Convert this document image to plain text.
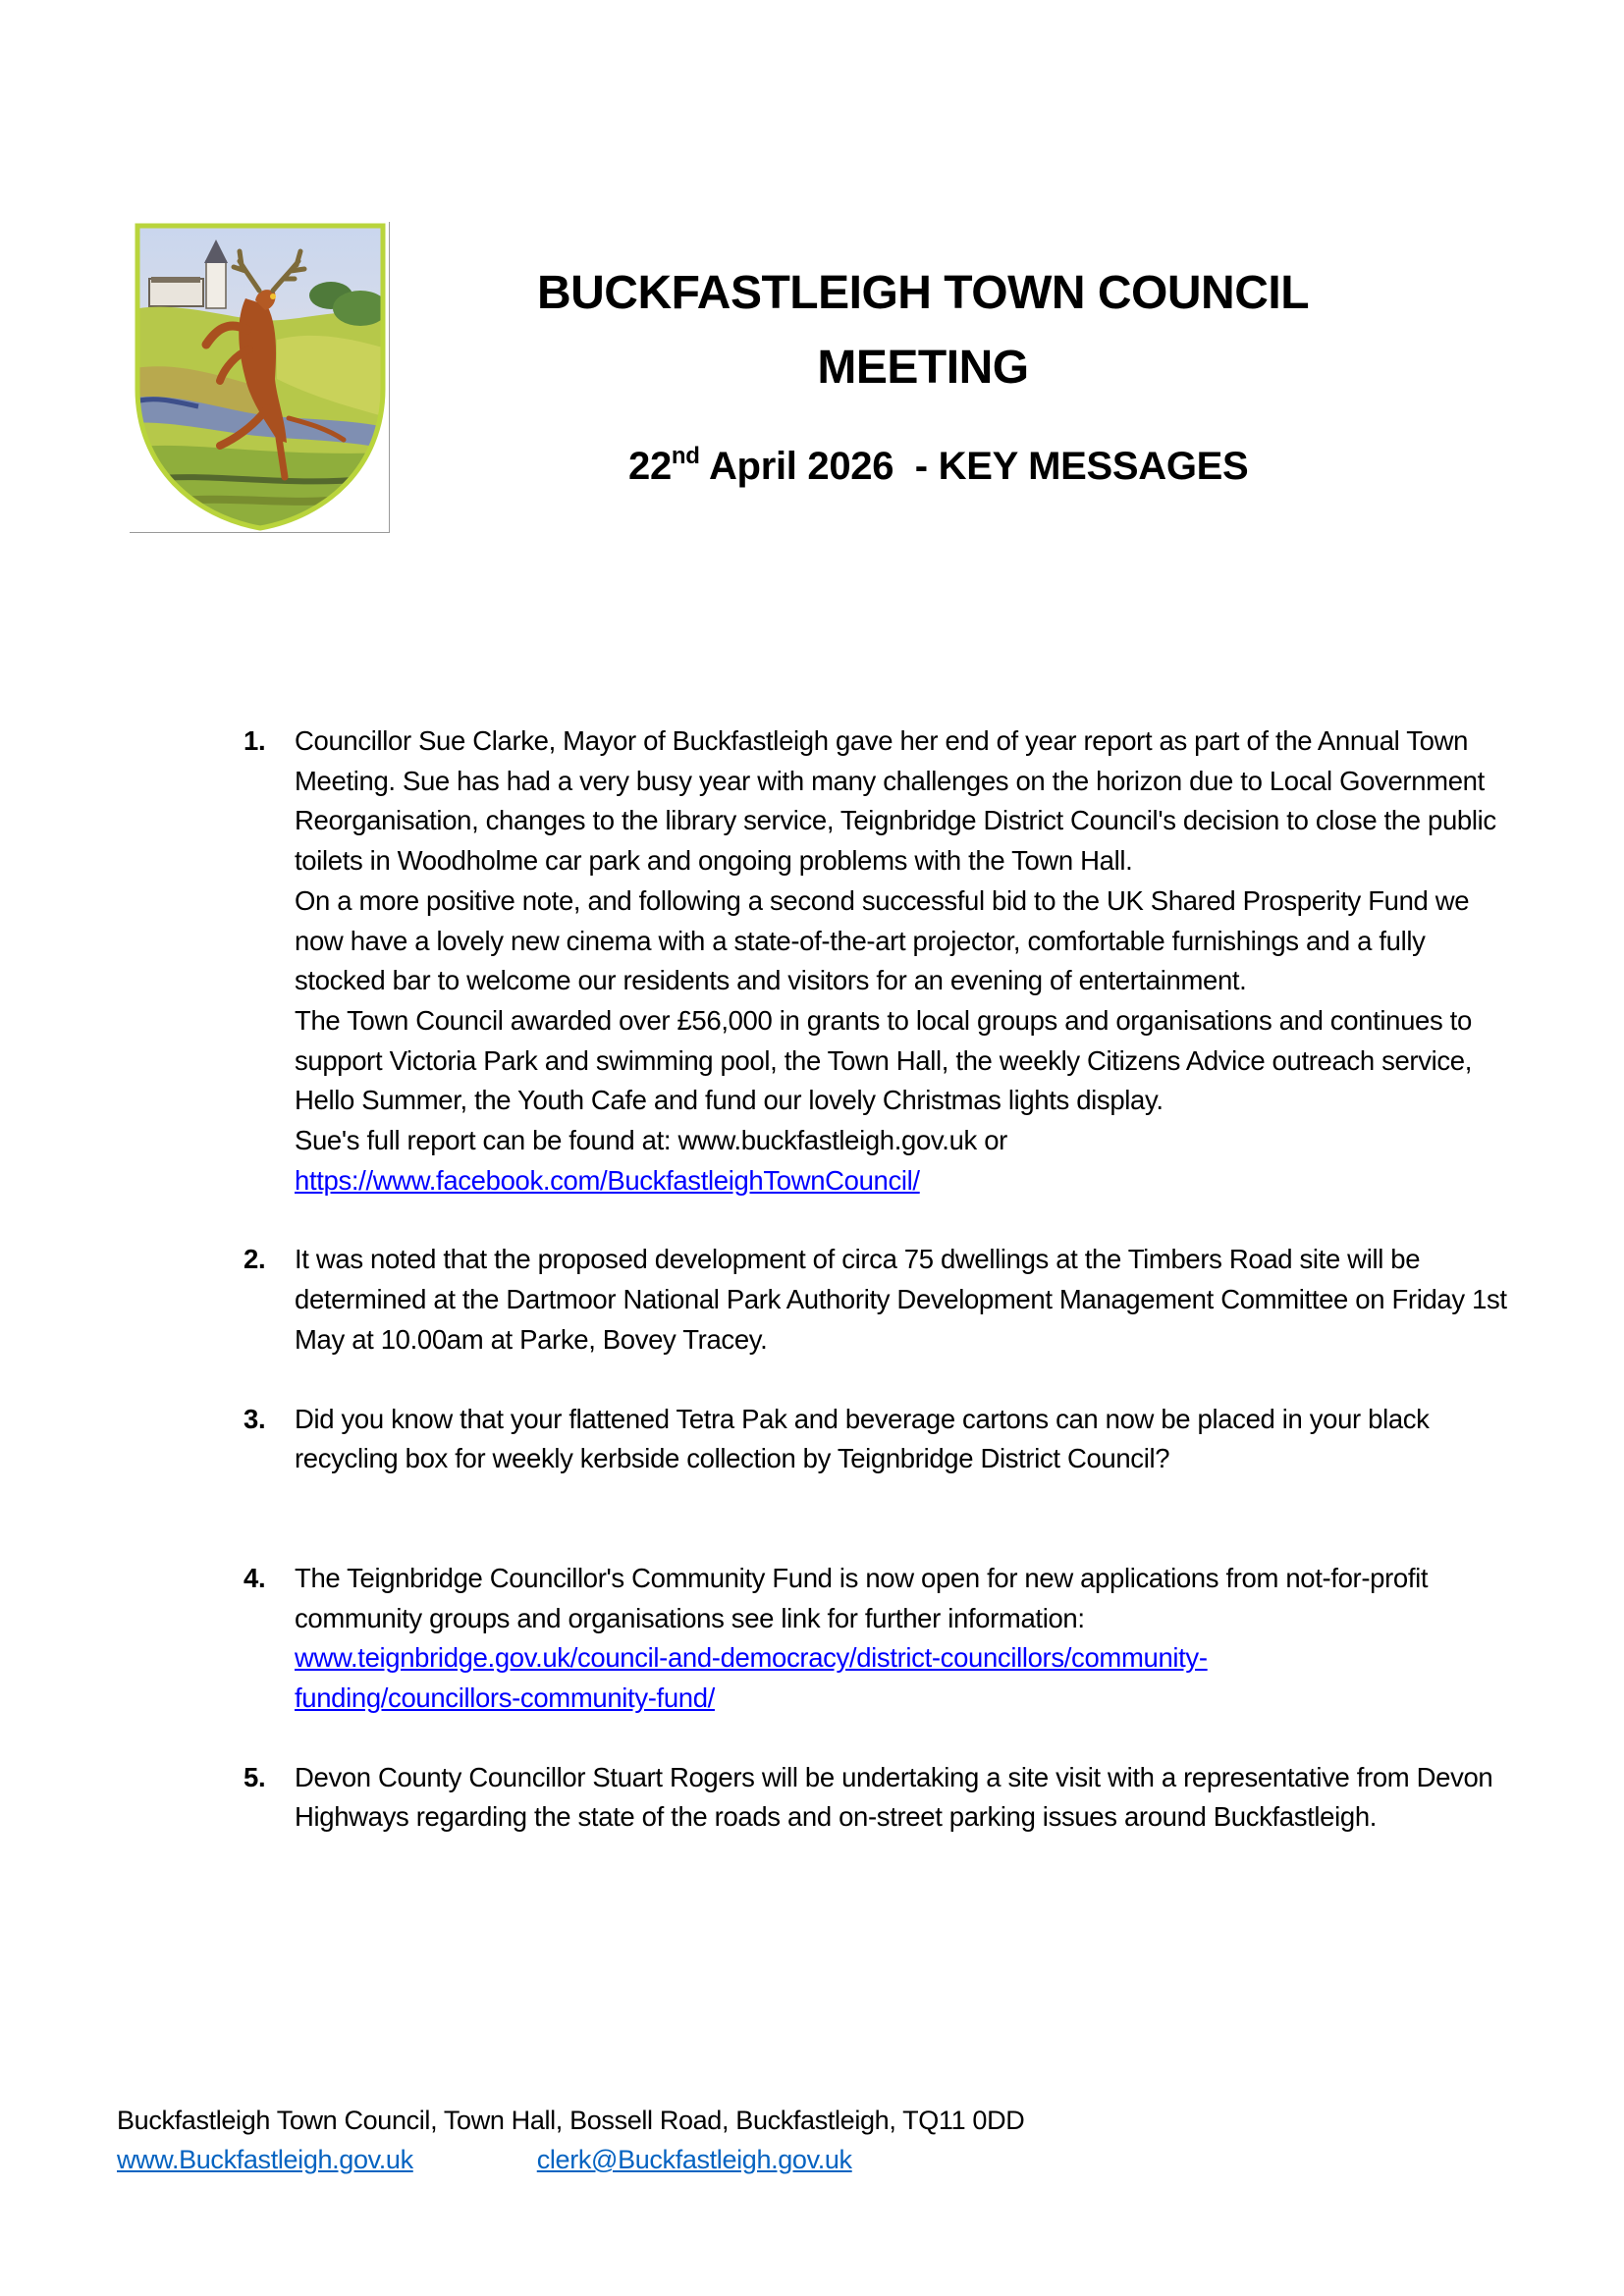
BUCKFASTLEIGH TOWN COUNCIL
MEETING
22nd April 2026  - KEY MESSAGES
1. Councillor Sue Clarke, Mayor of Buckfastleigh gave her end of year report as part of the Annual Town Meeting. Sue has had a very busy year with many challenges on the horizon due to Local Government Reorganisation, changes to the library service, Teignbridge District Council's decision to close the public toilets in Woodholme car park and ongoing problems with the Town Hall.

On a more positive note, and following a second successful bid to the UK Shared Prosperity Fund we now have a lovely new cinema with a state-of-the-art projector, comfortable furnishings and a fully stocked bar to welcome our residents and visitors for an evening of entertainment.

The Town Council awarded over £56,000 in grants to local groups and organisations and continues to support Victoria Park and swimming pool, the Town Hall, the weekly Citizens Advice outreach service, Hello Summer, the Youth Cafe and fund our lovely Christmas lights display.

Sue's full report can be found at: www.buckfastleigh.gov.uk or

https://www.facebook.com/BuckfastleighTownCouncil/

2. It was noted that the proposed development of circa 75 dwellings at the Timbers Road site will be determined at the Dartmoor National Park Authority Development Management Committee on Friday 1st May at 10.00am at Parke, Bovey Tracey.

3. Did you know that your flattened Tetra Pak and beverage cartons can now be placed in your black recycling box for weekly kerbside collection by Teignbridge District Council?

4. The Teignbridge Councillor's Community Fund is now open for new applications from not-for-profit community groups and organisations see link for further information:

www.teignbridge.gov.uk/council-and-democracy/district-councillors/community-

funding/councillors-community-fund/

5. Devon County Councillor Stuart Rogers will be undertaking a site visit with a representative from Devon Highways regarding the state of the roads and on-street parking issues around Buckfastleigh.

Buckfastleigh Town Council, Town Hall, Bossell Road, Buckfastleigh, TQ11 0DD
www.Buckfastleigh.gov.uk	clerk@Buckfastleigh.gov.uk
